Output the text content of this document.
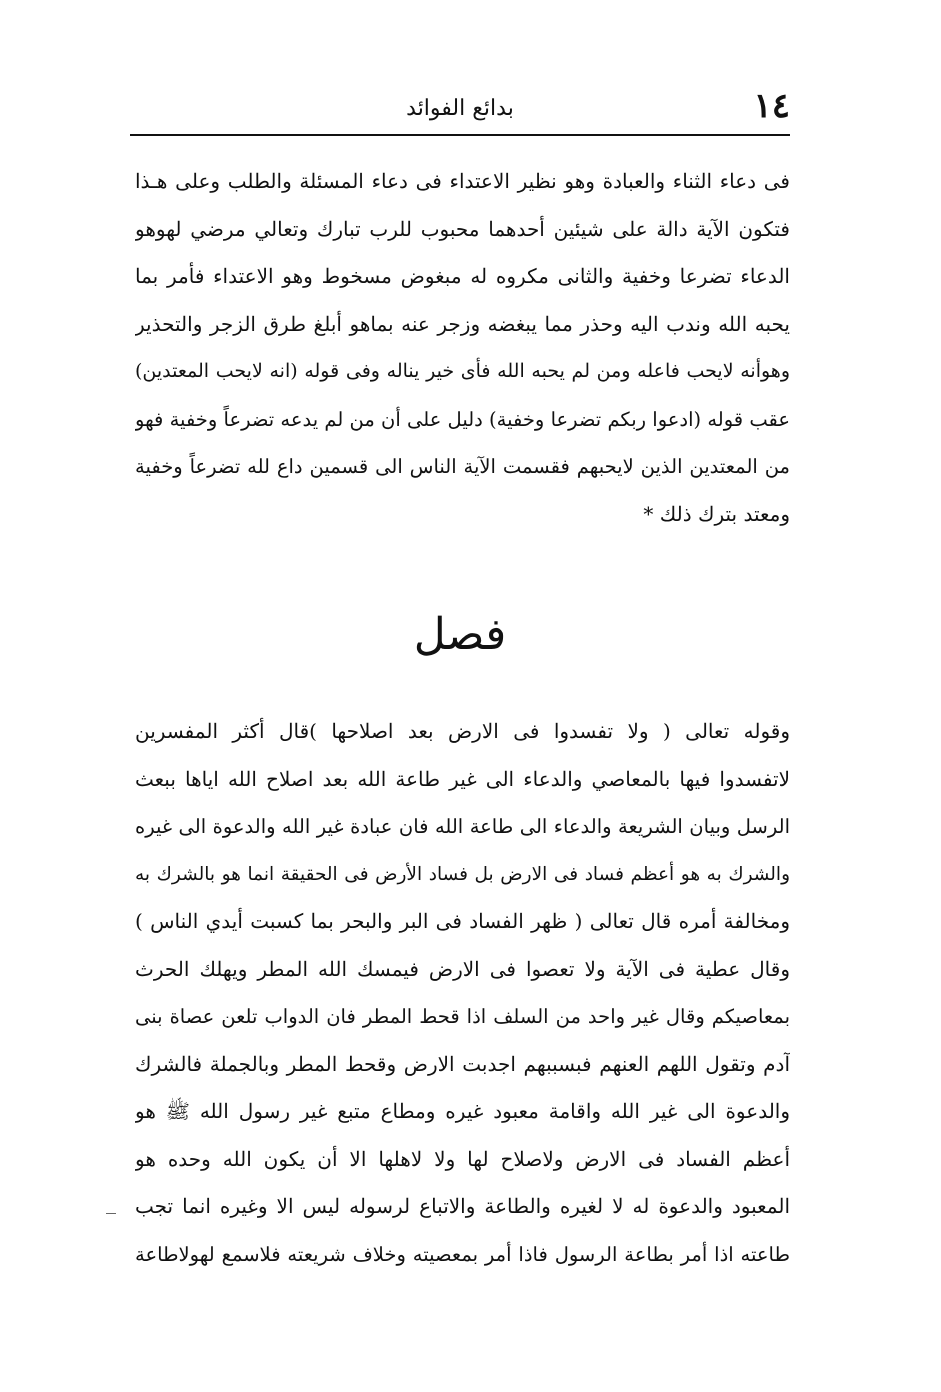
١٤
بدائع الفوائد
فى دعاء الثناء والعبادة وهو نظير الاعتداء فى دعاء المسئلة والطلب وعلى هـذا
فتكون الآية دالة على شيئين أحدهما محبوب للرب تبارك وتعالي مرضي لهوهو
الدعاء تضرعا وخفية والثانى مكروه له مبغوض مسخوط وهو الاعتداء فأمر بما
يحبه الله وندب اليه وحذر مما يبغضه وزجر عنه بماهو أبلغ طرق الزجر والتحذير
وهوأنه لايحب فاعله ومن لم يحبه الله فأى خير يناله وفى قوله (انه لايحب المعتدين)
عقب قوله (ادعوا ربكم تضرعا وخفية) دليل على أن من لم يدعه تضرعاً وخفية فهو
من المعتدين الذين لايحبهم فقسمت الآية الناس الى قسمين داع لله تضرعاً وخفية
ومعتد بترك ذلك *
فصل
وقوله تعالى ( ولا تفسدوا فى الارض بعد اصلاحها )قال أكثر المفسرين
لاتفسدوا فيها بالمعاصي والدعاء الى غير طاعة الله بعد اصلاح الله اياها ببعث
الرسل وبيان الشريعة والدعاء الى طاعة الله فان عبادة غير الله والدعوة الى غيره
والشرك به هو أعظم فساد فى الارض بل فساد الأرض فى الحقيقة انما هو بالشرك به
ومخالفة أمره قال تعالى ( ظهر الفساد فى البر والبحر بما كسبت أيدي الناس )
وقال عطية فى الآية ولا تعصوا فى الارض فيمسك الله المطر ويهلك الحرث
بمعاصيكم وقال غير واحد من السلف اذا قحط المطر فان الدواب تلعن عصاة بنى
آدم وتقول اللهم العنهم فبسببهم اجدبت الارض وقحط المطر وبالجملة فالشرك
والدعوة الى غير الله واقامة معبود غيره ومطاع متبع غير رسول الله ﷺ هو
أعظم الفساد فى الارض ولاصلاح لها ولا لاهلها الا أن يكون الله وحده هو
المعبود والدعوة له لا لغيره والطاعة والاتباع لرسوله ليس الا وغيره انما تجب
طاعته اذا أمر بطاعة الرسول فاذا أمر بمعصيته وخلاف شريعته فلاسمع لهولاطاعة
